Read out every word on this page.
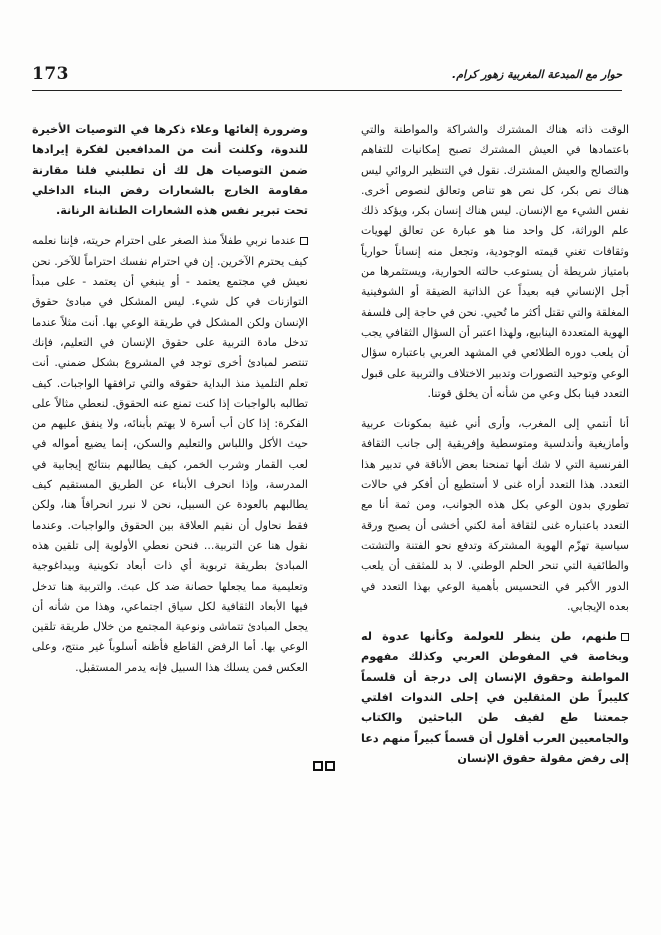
173	حوار مع المبدعة المغربية زهور كرام.

الوقت ذاته هناك المشترك والشراكة والمواطنة والتي باعتمادها في العيش المشترك تصبح إمكانيات للتفاهم والتصالح والعيش المشترك. نقول في التنظير الروائي ليس هناك نص بكر، كل نص هو تناص وتعالق لنصوص أخرى. نفس الشيء مع الإنسان. ليس هناك إنسان بكر، ويؤكد ذلك علم الوراثة، كل واحد منا هو عبارة عن تعالق لهويات وثقافات تغني قيمته الوجودية، وتجعل منه إنساناً حوارياً بامتياز شريطة أن يستوعب حالته الحوارية، ويستثمرها من أجل الإنساني فيه بعيداً عن الذاتية الضيقة أو الشوفينية المغلقة والتي تقتل أكثر ما تُحيي. نحن في حاجة إلى فلسفة الهوية المتعددة الينابيع، ولهذا اعتبر أن السؤال الثقافي يجب أن يلعب دوره الطلائعي في المشهد العربي باعتباره سؤال الوعي وتوحيد التصورات وتدبير الاختلاف والتربية على قبول التعدد فينا بكل وعي من شأنه أن يخلق قوتنا.

أنا أنتمي إلى المغرب، وأرى أني غنية بمكونات عربية وأمازيغية وأندلسية ومتوسطية وإفريقية إلى جانب الثقافة الفرنسية التي لا شك أنها تمنحنا بعض الأناقة في تدبير هذا التعدد. هذا التعدد أراه غنى لا أستطيع أن أفكر في حالات تطوري بدون الوعي بكل هذه الجوانب، ومن ثمة أنا مع التعدد باعتباره غنى لثقافة أمة لكني أخشى أن يصبح ورقة سياسية تهزّم الهوية المشتركة وتدفع نحو الفتنة والتشتت والطائفية التي تنحر الحلم الوطني. لا بد للمثقف أن يلعب الدور الأكبر في التحسيس بأهمية الوعي بهذا التعدد في بعده الإيجابي.

طنهم، طن ينظر للعولمة وكأنها عدوة له وبخاصة في المفوطن العربي وكذلك مفهوم المواطنة وحقوق الإنسان إلى درجة أن قلسماً كليبراً طن المثقلين في إحلى الندوات افلتي جمعتنا طع لفيف طن الباحثين والكتاب والجامعيين العرب أقلول أن قسماً كبيراً منهم دعا إلى رفض مقولة حقوق الإنسان

وضرورة إلغائها وعلاء ذكرها في التوصيات الأخيرة للندوة، وكلنت أنت من المدافعين لفكرة إيرادها ضمن التوصيات هل لك أن تطلبني فلنا مقارنة مقاومة الخارج بالشعارات رفض البناء الداخلي تحت تبرير نفس هذه الشعارات الطنانة الرنانة.

عندما نربي طفلاً منذ الصغر على احترام حريته، فإننا نعلمه كيف يحترم الآخرين. إن في احترام نفسك احتراماً للآخر. نحن نعيش في مجتمع يعتمد - أو ينبغي أن يعتمد - على مبدأ التوازنات في كل شيء. ليس المشكل في مبادئ حقوق الإنسان ولكن المشكل في طريقة الوعي بها. أنت مثلاً عندما تدخل مادة التربية على حقوق الإنسان في التعليم، فإنك تنتصر لمبادئ أخرى توجد في المشروع بشكل ضمني. أنت تعلم التلميذ منذ البداية حقوقه والتي ترافقها الواجبات. كيف تطالبه بالواجبات إذا كنت تمنع عنه الحقوق. لنعطي مثالاً على الفكرة: إذا كان أب أسرة لا يهتم بأبنائه، ولا ينفق عليهم من حيث الأكل واللباس والتعليم والسكن، إنما يضيع أمواله في لعب القمار وشرب الخمر، كيف يطالبهم بنتائج إيجابية في المدرسة، وإذا انحرف الأبناء عن الطريق المستقيم كيف يطالبهم بالعودة عن السبيل، نحن لا نبرر انحرافاً هنا، ولكن فقط نحاول أن نقيم العلاقة بين الحقوق والواجبات. وعندما نقول هنا عن التربية... فنحن نعطي الأولوية إلى تلقين هذه المبادئ بطريقة تربوية أي ذات أبعاد تكوينية وبيداغوجية وتعليمية مما يجعلها حصانة ضد كل عبث. والتربية هنا تدخل فيها الأبعاد الثقافية لكل سياق اجتماعي، وهذا من شأنه أن يجعل المبادئ تتماشى ونوعية المجتمع من خلال طريقة تلقين الوعي بها. أما الرفض القاطع فأظنه أسلوباً غير منتج، وعلى العكس فمن يسلك هذا السبيل فإنه يدمر المستقبل.
